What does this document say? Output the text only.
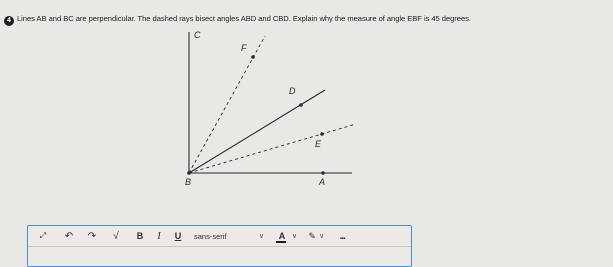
4 Lines AB and BC are perpendicular. The dashed rays bisect angles ABD and CBD. Explain why the measure of angle EBF is 45 degrees.
C
F
D
E
B	A
⤢	↶ ↷	√	B	I	U	sans-serif	∨ A ∨	✎ ∨	...
